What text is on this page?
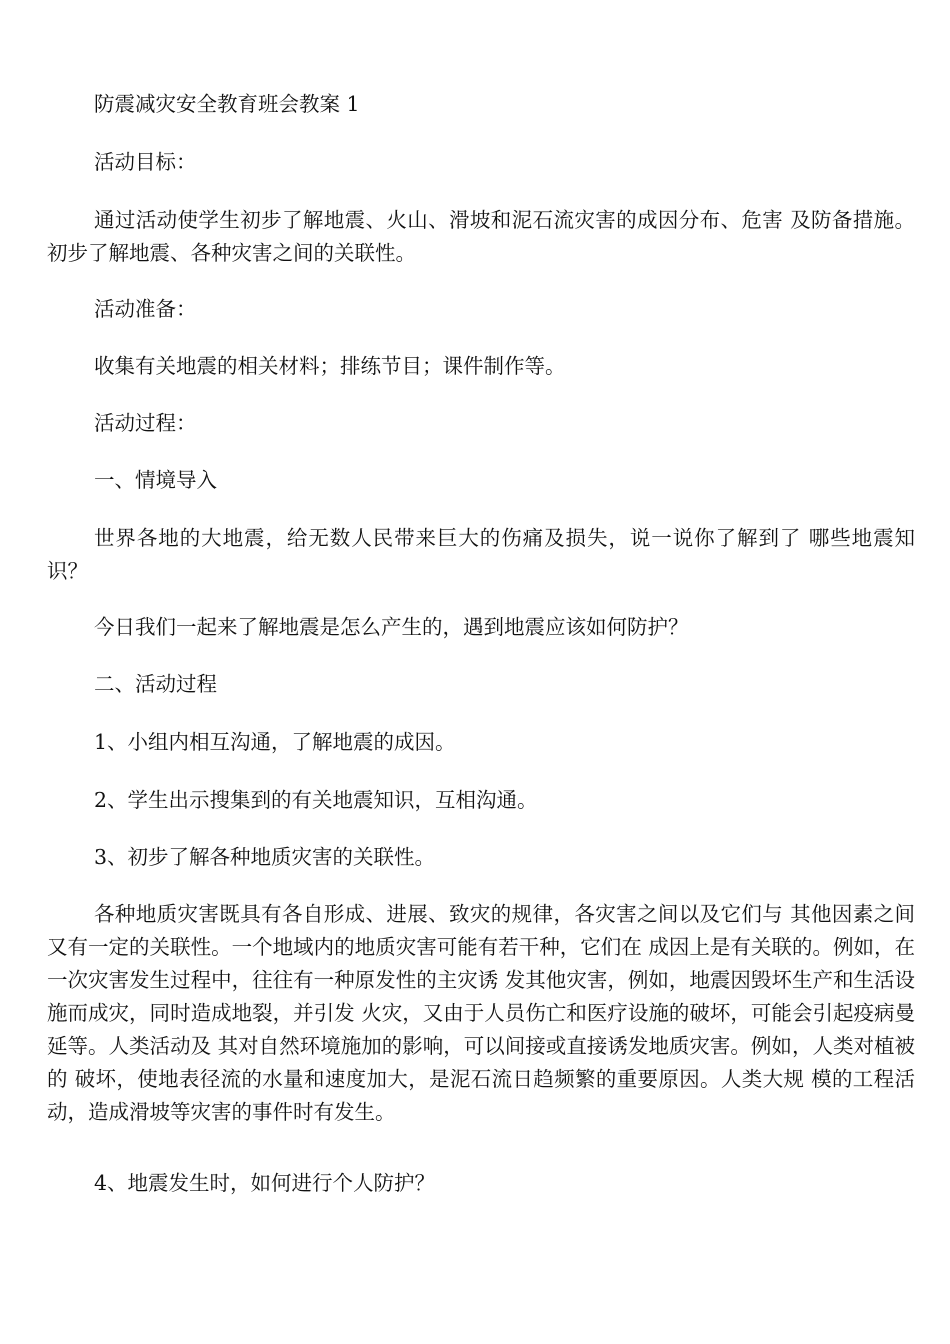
防震减灾安全教育班会教案 1

活动目标：

通过活动使学生初步了解地震、火山、滑坡和泥石流灾害的成因分布、危害 及防备措施。初步了解地震、各种灾害之间的关联性。

活动准备：

收集有关地震的相关材料；排练节目；课件制作等。

活动过程：

一、情境导入

世界各地的大地震，给无数人民带来巨大的伤痛及损失，说一说你了解到了 哪些地震知识？

今日我们一起来了解地震是怎么产生的，遇到地震应该如何防护？

二、活动过程

1、小组内相互沟通，了解地震的成因。

2、学生出示搜集到的有关地震知识，互相沟通。

3、初步了解各种地质灾害的关联性。

各种地质灾害既具有各自形成、进展、致灾的规律，各灾害之间以及它们与 其他因素之间又有一定的关联性。一个地域内的地质灾害可能有若干种，它们在 成因上是有关联的。例如，在一次灾害发生过程中，往往有一种原发性的主灾诱 发其他灾害，例如，地震因毁坏生产和生活设施而成灾，同时造成地裂，并引发 火灾，又由于人员伤亡和医疗设施的破坏，可能会引起疫病曼延等。人类活动及 其对自然环境施加的影响，可以间接或直接诱发地质灾害。例如，人类对植被的 破坏，使地表径流的水量和速度加大，是泥石流日趋频繁的重要原因。人类大规 模的工程活动，造成滑坡等灾害的事件时有发生。

4、地震发生时，如何进行个人防护？
